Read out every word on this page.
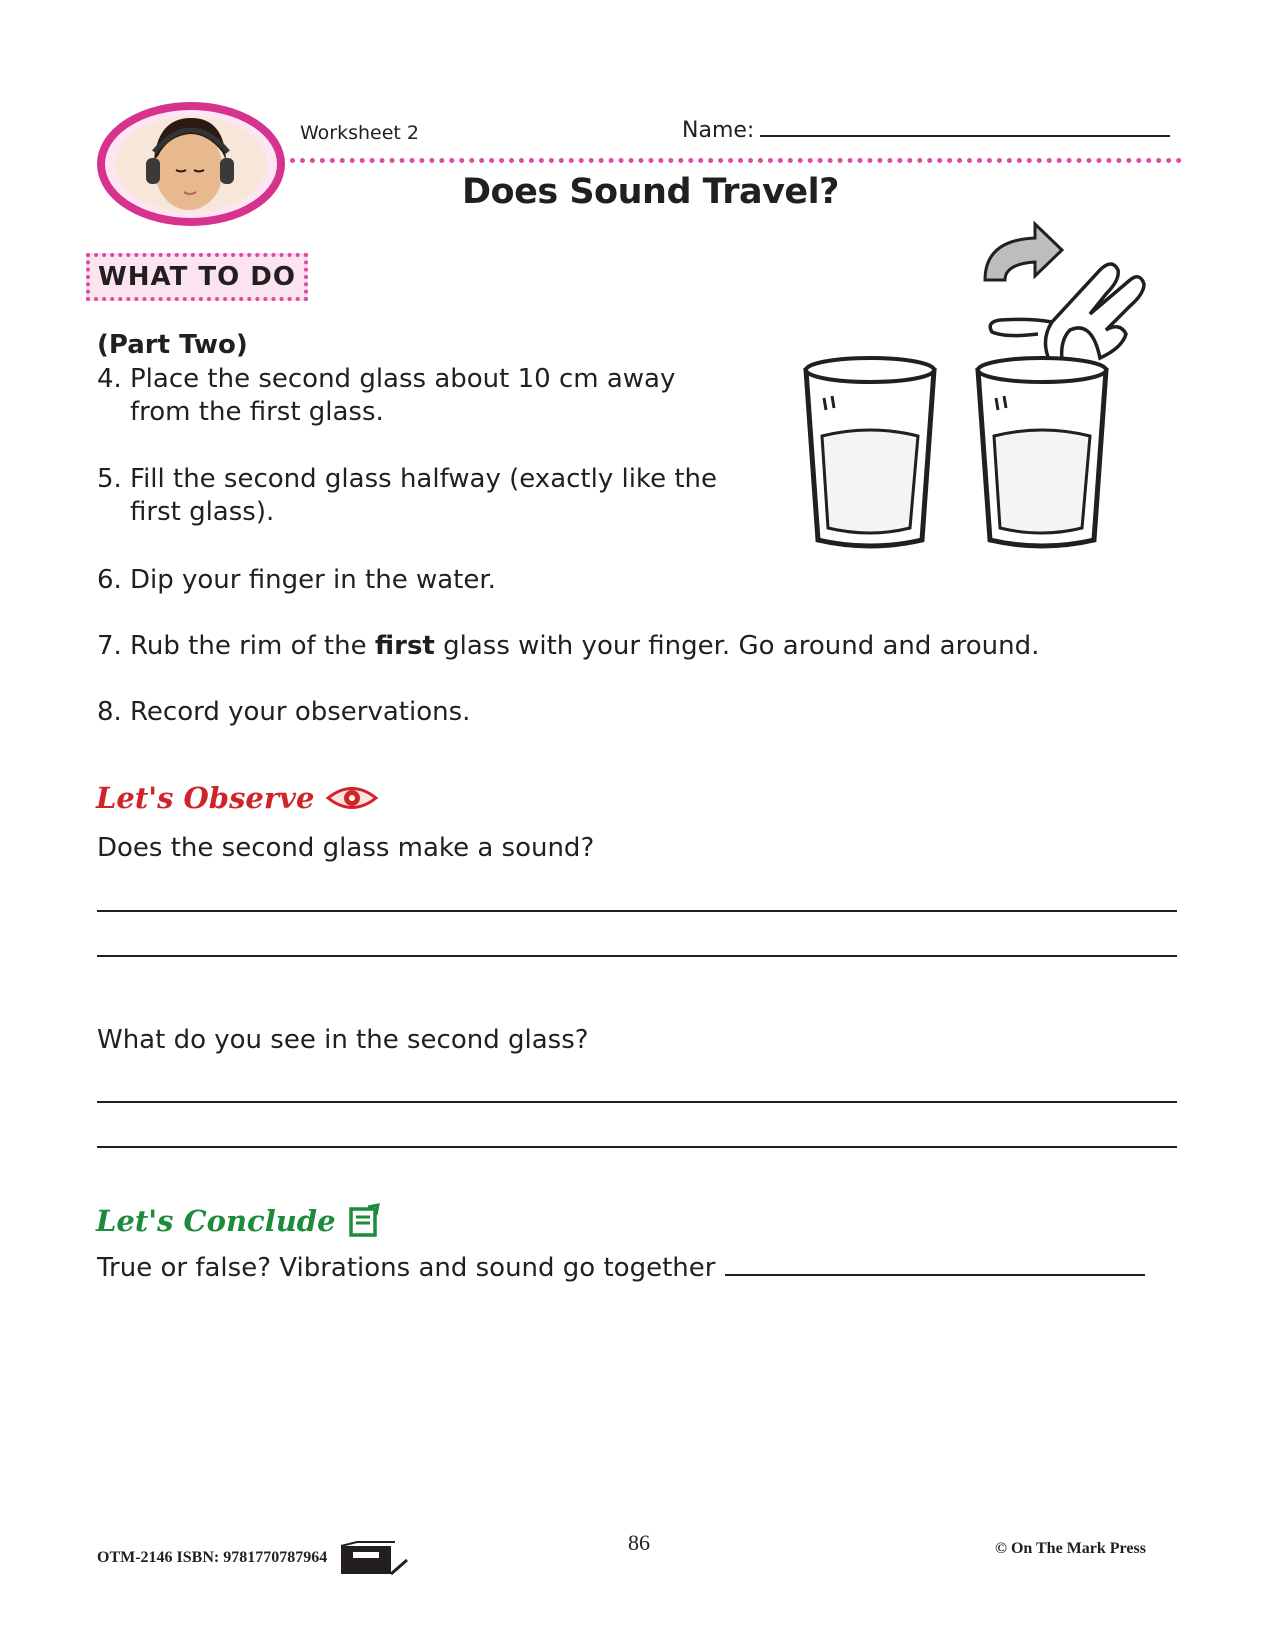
Worksheet 2	Name:
Does Sound Travel?
WHAT TO DO
(Part Two)
4. Place the second glass about 10 cm away
from the first glass.
5. Fill the second glass halfway (exactly like the
first glass).
6. Dip your finger in the water.
7. Rub the rim of the first glass with your finger. Go around and around.
8. Record your observations.
Let's Observe
Does the second glass make a sound?
What do you see in the second glass?
Let's Conclude
True or false? Vibrations and sound go together
OTM-2146 ISBN: 9781770787964
86	© On The Mark Press
